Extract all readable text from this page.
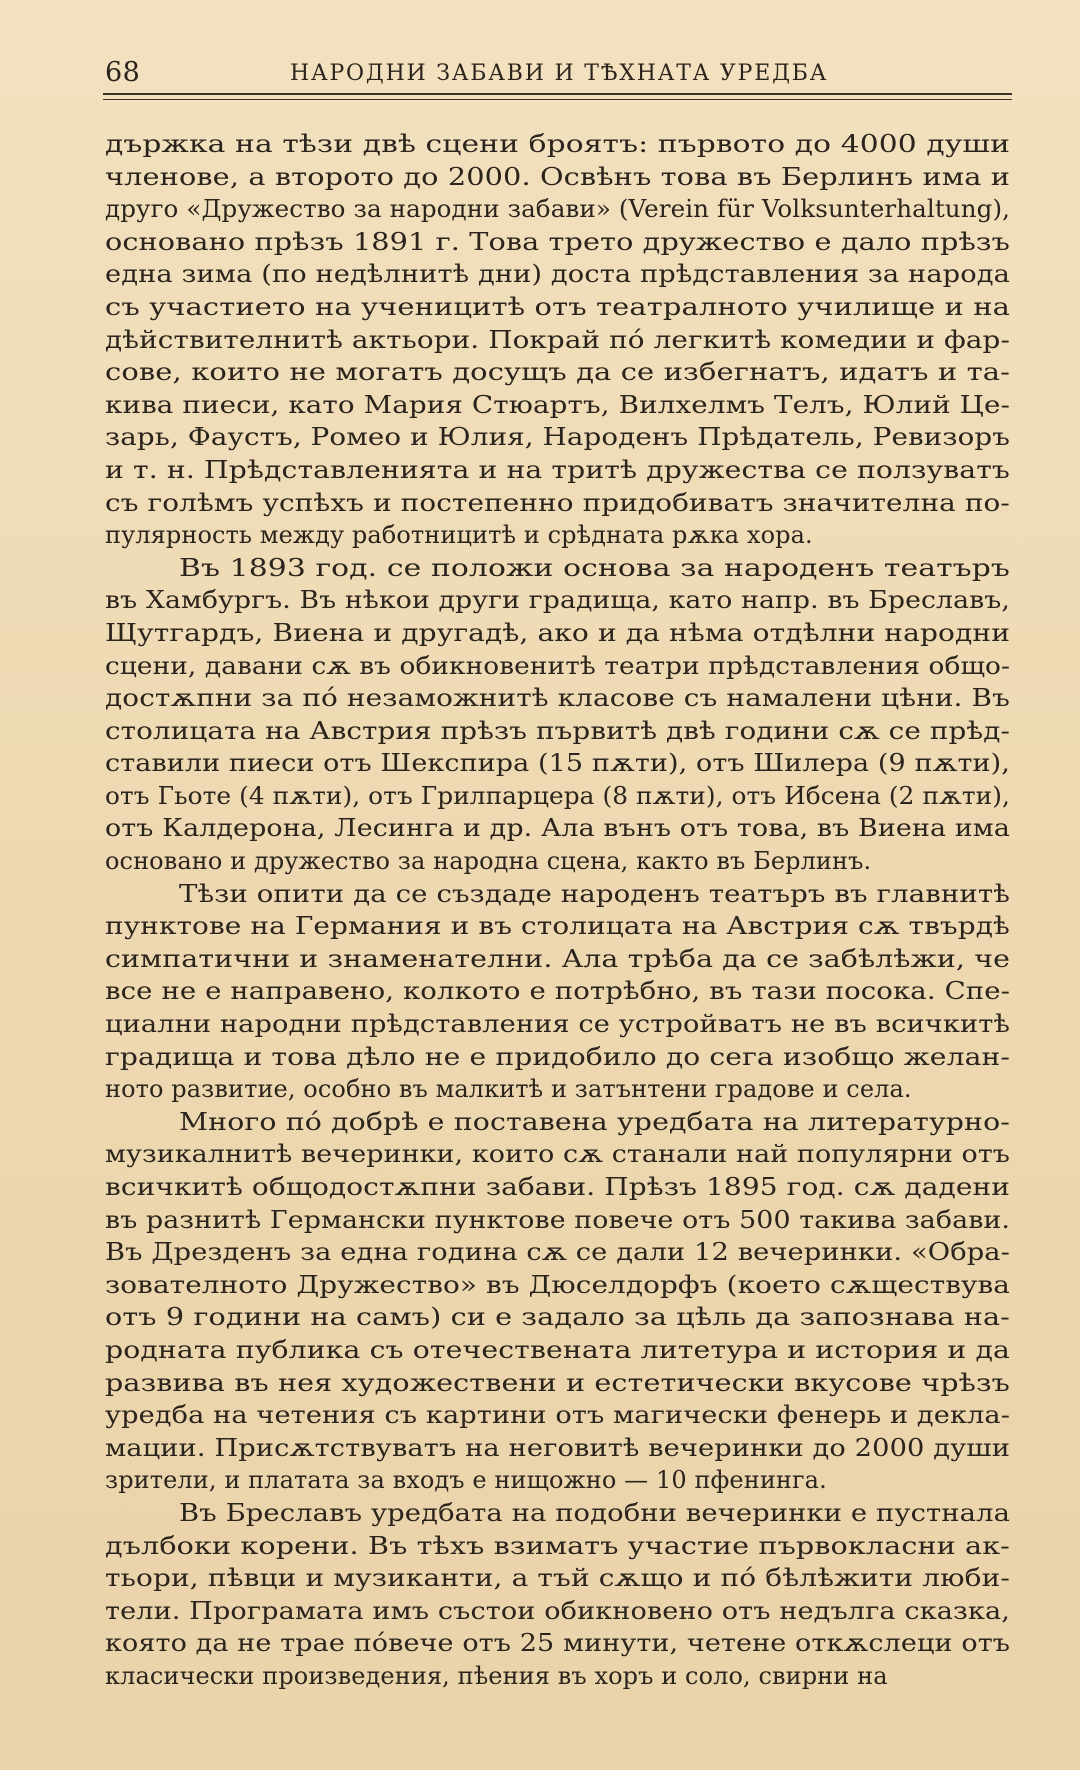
68	НАРОДНИ ЗАБАВИ И ТѢХНАТА УРЕДБА
държка на тѣзи двѣ сцени броятъ: първото до 4000 души
членове, а второто до 2000. Освѣнъ това въ Берлинъ има и
друго «Дружество за народни забави» (Verein für Volksunterhaltung),
основано прѣзъ 1891 г. Това трето дружество е дало прѣзъ
една зима (по недѣлнитѣ дни) доста прѣдставления за народа
съ участието на ученицитѣ отъ театралното училище и на
дѣйствителнитѣ актьори. Покрай пó легкитѣ комедии и фар-
сове, които не могатъ досущъ да се избегнатъ, идатъ и та-
кива пиеси, като Мария Стюартъ, Вилхелмъ Телъ, Юлий Це-
зарь, Фаустъ, Ромео и Юлия, Народенъ Прѣдатель, Ревизоръ
и т. н. Прѣдставленията и на тритѣ дружества се ползуватъ
съ голѣмъ успѣхъ и постепенно придобиватъ значителна по-
пулярность между работницитѣ и срѣдната рѫка хора.
Въ 1893 год. се положи основа за народенъ театъръ
въ Хамбургъ. Въ нѣкои други градища, като напр. въ Бреславъ,
Щутгардъ, Виена и другадѣ, ако и да нѣма отдѣлни народни
сцени, давани сѫ въ обикновенитѣ театри прѣдставления общо-
достѫпни за пó незаможнитѣ класове съ намалени цѣни. Въ
столицата на Австрия прѣзъ първитѣ двѣ години сѫ се прѣд-
ставили пиеси отъ Шекспира (15 пѫти), отъ Шилера (9 пѫти),
отъ Гьоте (4 пѫти), отъ Грилпарцера (8 пѫти), отъ Ибсена (2 пѫти),
отъ Калдерона, Лесинга и др. Ала вънъ отъ това, въ Виена има
основано и дружество за народна сцена, както въ Берлинъ.
Тѣзи опити да се създаде народенъ театъръ въ главнитѣ
пунктове на Германия и въ столицата на Австрия сѫ твърдѣ
симпатични и знаменателни. Ала трѣба да се забѣлѣжи, че
все не е направено, колкото е потрѣбно, въ тази посока. Спе-
циални народни прѣдставления се устройватъ не въ всичкитѣ
градища и това дѣло не е придобило до сега изобщо желан-
ното развитие, особно въ малкитѣ и затънтени градове и села.
Много пó добрѣ е поставена уредбата на литературно-
музикалнитѣ вечеринки, които сѫ станали най популярни отъ
всичкитѣ общодостѫпни забави. Прѣзъ 1895 год. сѫ дадени
въ разнитѣ Германски пунктове повече отъ 500 такива забави.
Въ Дрезденъ за една година сѫ се дали 12 вечеринки. «Обра-
зователното Дружество» въ Дюселдорфъ (което сѫществува
отъ 9 години на самъ) си е задало за цѣль да запознава на-
родната публика съ отечествената литетура и история и да
развива въ нея художествени и естетически вкусове чрѣзъ
уредба на четения съ картини отъ магически фенерь и декла-
мации. Присѫтствуватъ на неговитѣ вечеринки до 2000 души
зрители, и платата за входъ е нищожно — 10 пфенинга.
Въ Бреславъ уредбата на подобни вечеринки е пустнала
дълбоки корени. Въ тѣхъ взиматъ участие първокласни ак-
тьори, пѣвци и музиканти, а тъй сѫщо и пó бѣлѣжити люби-
тели. Програмата имъ състои обикновено отъ недълга сказка,
която да не трае пóвече отъ 25 минути, четене откѫслеци отъ
класически произведения, пѣения въ хоръ и соло, свирни на
